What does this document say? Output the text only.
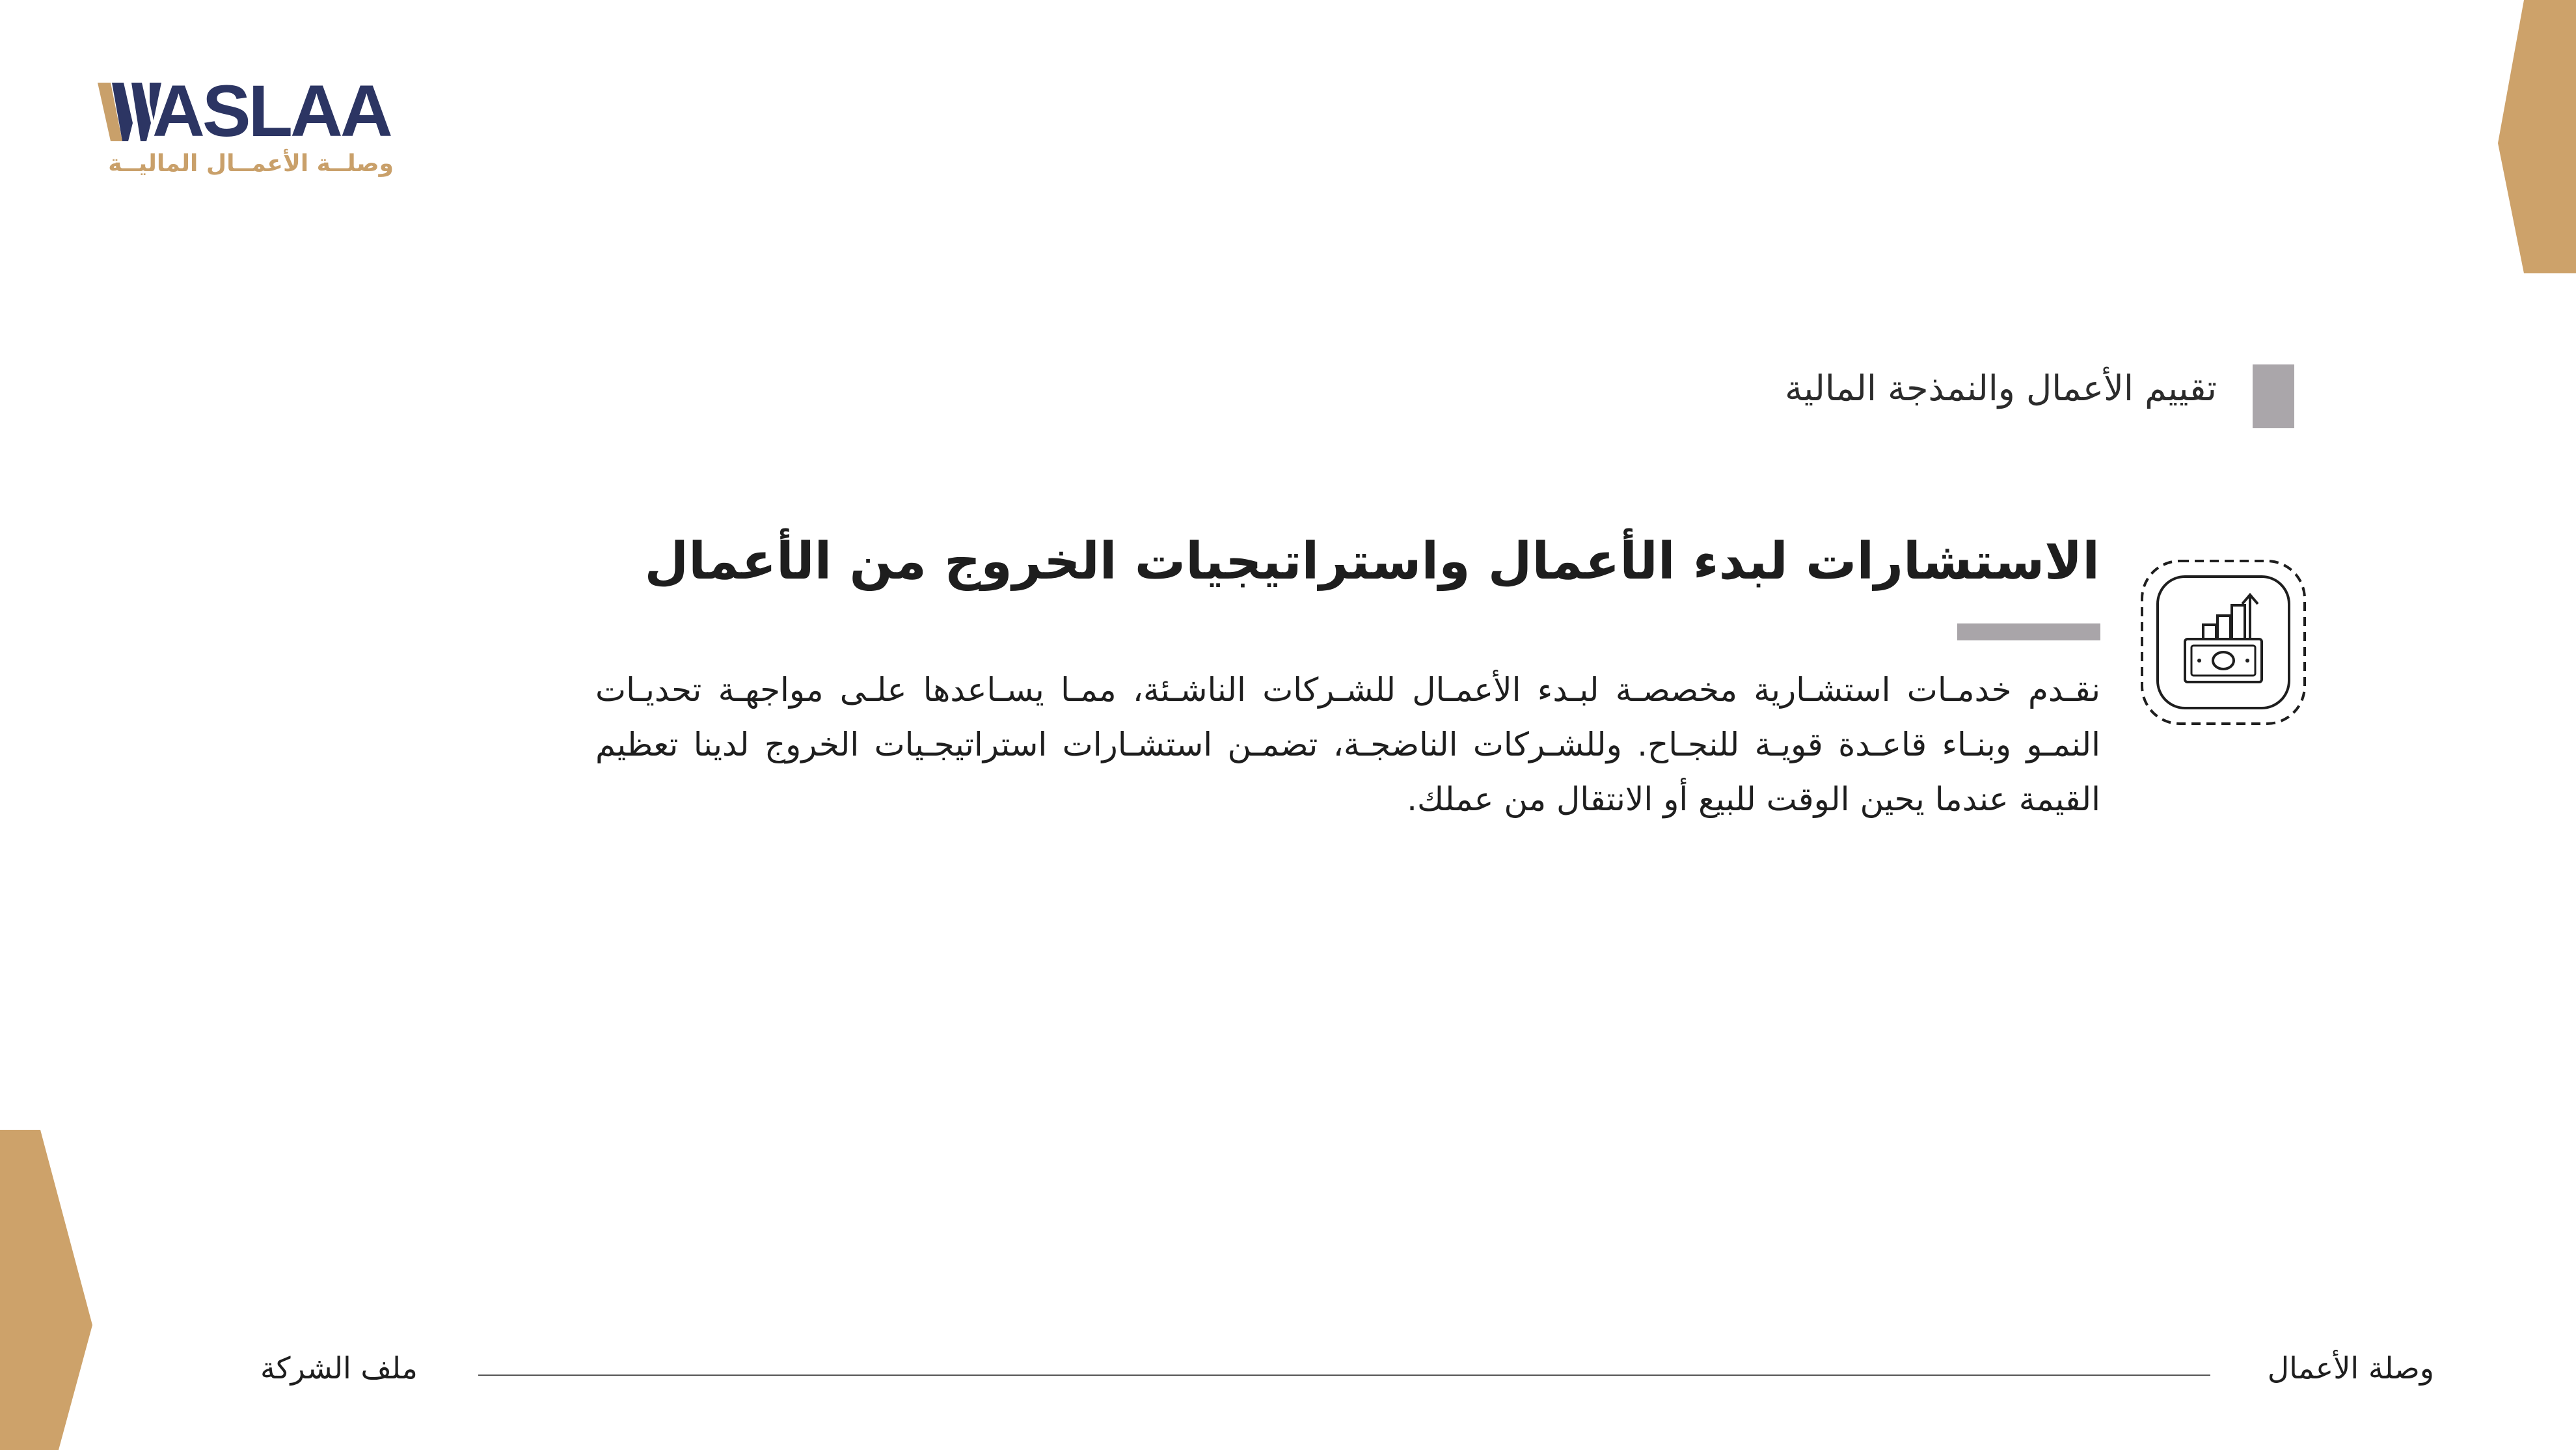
ASLAA
وصلــة الأعمــال الماليــة
تقييم الأعمال والنمذجة المالية
الاستشارات لبدء الأعمال واستراتيجيات الخروج من الأعمال

نقـدم خدمـات استشـارية مخصصـة لبـدء الأعمـال للشـركات الناشـئة، ممـا يسـاعدها علـى مواجهـة تحديـات النمـو وبنـاء قاعـدة قويـة للنجـاح. وللشـركات الناضجـة، تضمـن استشـارات استراتيجـيات الخروج لدينا تعظيم القيمة عندما يحين الوقت للبيع أو الانتقال من عملك.

ملف الشركة	وصلة الأعمال
